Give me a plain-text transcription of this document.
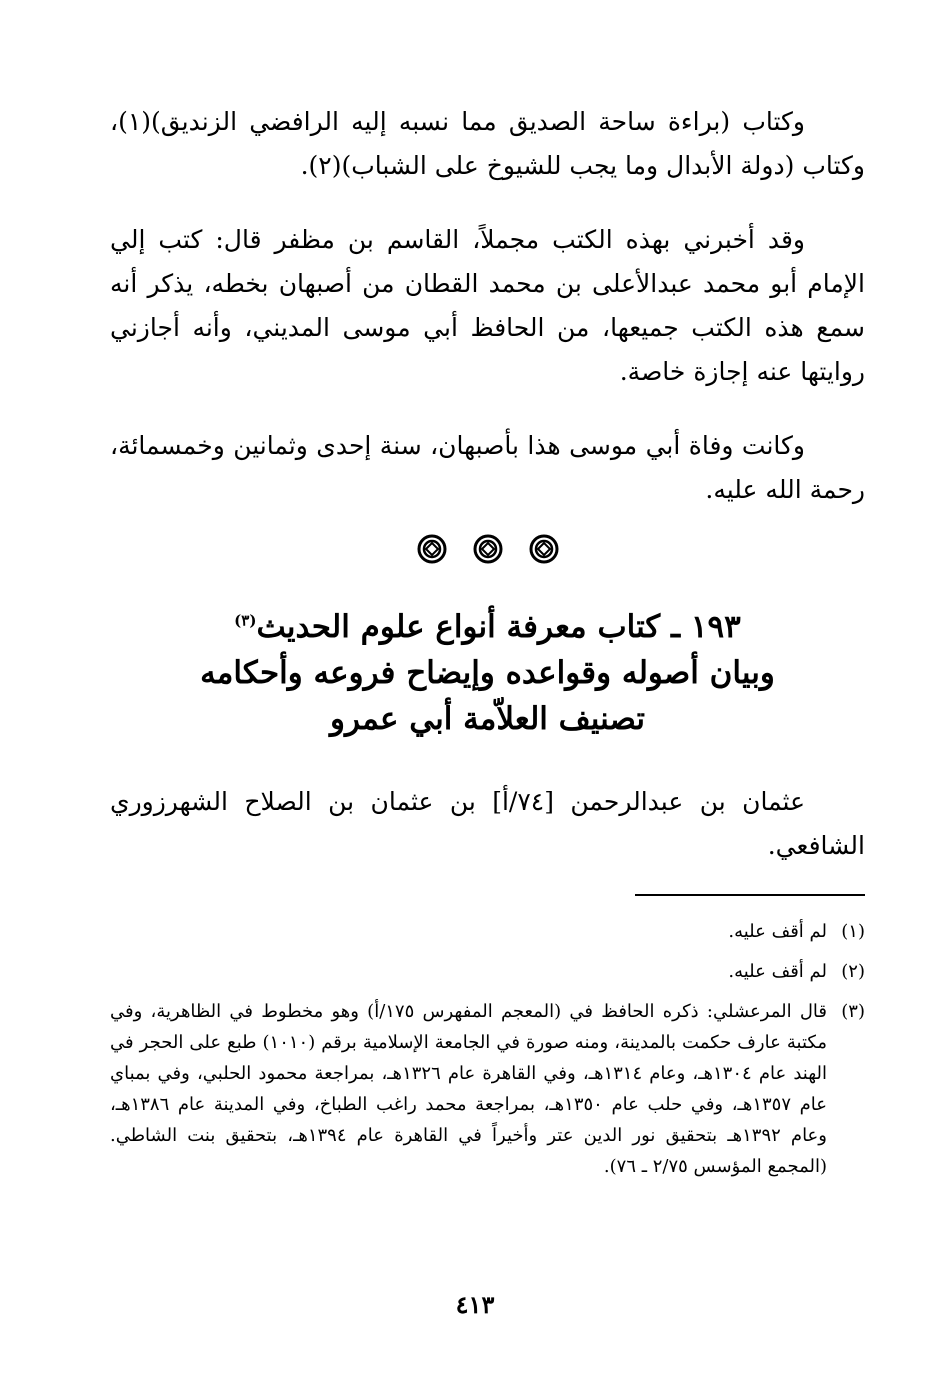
وكتاب (براءة ساحة الصديق مما نسبه إليه الرافضي الزنديق)(١)، وكتاب (دولة الأبدال وما يجب للشيوخ على الشباب)(٢).

وقد أخبرني بهذه الكتب مجملاً، القاسم بن مظفر قال: كتب إلي الإمام أبو محمد عبدالأعلى بن محمد القطان من أصبهان بخطه، يذكر أنه سمع هذه الكتب جميعها، من الحافظ أبي موسى المديني، وأنه أجازني روايتها عنه إجازة خاصة.

وكانت وفاة أبي موسى هذا بأصبهان، سنة إحدى وثمانين وخمسمائة، رحمة الله عليه.

١٩٣ ـ كتاب معرفة أنواع علوم الحديث$^{(٣)}$
وبيان أصوله وقواعده وإيضاح فروعه وأحكامه
تصنيف العلاّمة أبي عمرو

عثمان بن عبدالرحمن [٧٤/أ] بن عثمان بن الصلاح الشهرزوري الشافعي.

(١)
لم أقف عليه.
(٢)
لم أقف عليه.
(٣)
قال المرعشلي: ذكره الحافظ في (المعجم المفهرس ١٧٥/أ) وهو مخطوط في الظاهرية، وفي مكتبة عارف حكمت بالمدينة، ومنه صورة في الجامعة الإسلامية برقم (١٠١٠) طبع على الحجر في الهند عام ١٣٠٤هـ، وعام ١٣١٤هـ، وفي القاهرة عام ١٣٢٦هـ، بمراجعة محمود الحلبي، وفي بمباي عام ١٣٥٧هـ، وفي حلب عام ١٣٥٠هـ، بمراجعة محمد راغب الطباخ، وفي المدينة عام ١٣٨٦هـ، وعام ١٣٩٢هـ بتحقيق نور الدين عتر وأخيراً في القاهرة عام ١٣٩٤هـ، بتحقيق بنت الشاطي. (المجمع المؤسس ٢/٧٥ ـ ٧٦).
٤١٣
